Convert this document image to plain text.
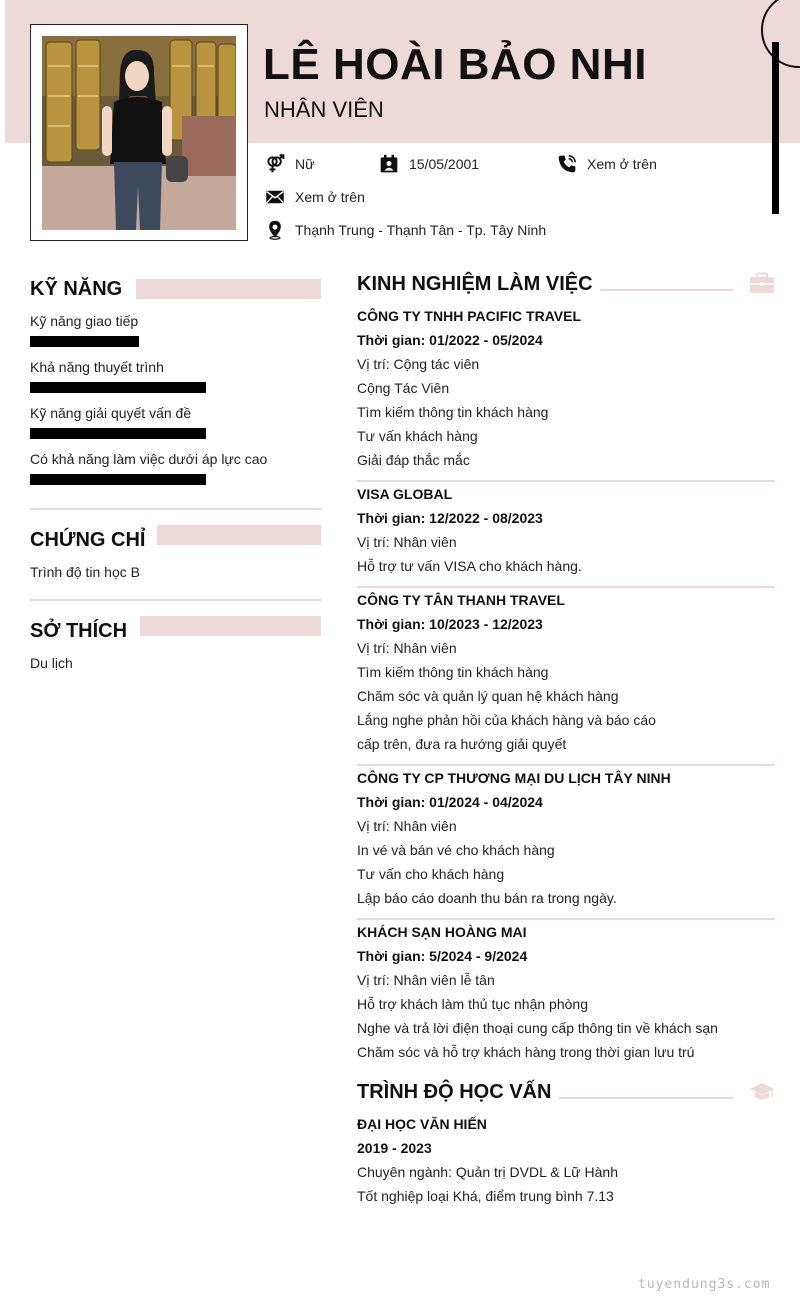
LÊ HOÀI BẢO NHI
NHÂN VIÊN
Nữ	15/05/2001	Xem ở trên
Xem ở trên
Thạnh Trung - Thạnh Tân - Tp. Tây Ninh
KỸ NĂNG
Kỹ năng giao tiếp
Khả năng thuyết trình
Kỹ năng giải quyết vấn đề
Có khả năng làm việc dưới áp lực cao
CHỨNG CHỈ
Trình độ tin học B
SỞ THÍCH
Du lịch
KINH NGHIỆM LÀM VIỆC
CÔNG TY TNHH PACIFIC TRAVEL
Thời gian: 01/2022 - 05/2024
Vị trí: Cộng tác viên
Cộng Tác Viên
Tìm kiếm thông tin khách hàng
Tư vấn khách hàng
Giải đáp thắc mắc
VISA GLOBAL
Thời gian: 12/2022 - 08/2023
Vị trí: Nhân viên
Hỗ trợ tư vấn VISA cho khách hàng.
CÔNG TY TÂN THANH TRAVEL
Thời gian: 10/2023 - 12/2023
Vị trí: Nhân viên
Tìm kiếm thông tin khách hàng
Chăm sóc và quản lý quan hệ khách hàng
Lắng nghe phản hồi của khách hàng và báo cáo
cấp trên, đưa ra hướng giải quyết
CÔNG TY CP THƯƠNG MẠI DU LỊCH TÂY NINH
Thời gian: 01/2024 - 04/2024
Vị trí: Nhân viên
In vé và bán vé cho khách hàng
Tư vấn cho khách hàng
Lập báo cáo doanh thu bán ra trong ngày.
KHÁCH SẠN HOÀNG MAI
Thời gian: 5/2024 - 9/2024
Vị trí: Nhân viên lễ tân
Hỗ trợ khách làm thủ tục nhận phòng
Nghe và trả lời điện thoại cung cấp thông tin về khách sạn
Chăm sóc và hỗ trợ khách hàng trong thời gian lưu trú
TRÌNH ĐỘ HỌC VẤN
ĐẠI HỌC VĂN HIẾN
2019 - 2023
Chuyên ngành: Quản trị DVDL & Lữ Hành
Tốt nghiệp loại Khá, điểm trung bình 7.13
tuyendung3s.com
